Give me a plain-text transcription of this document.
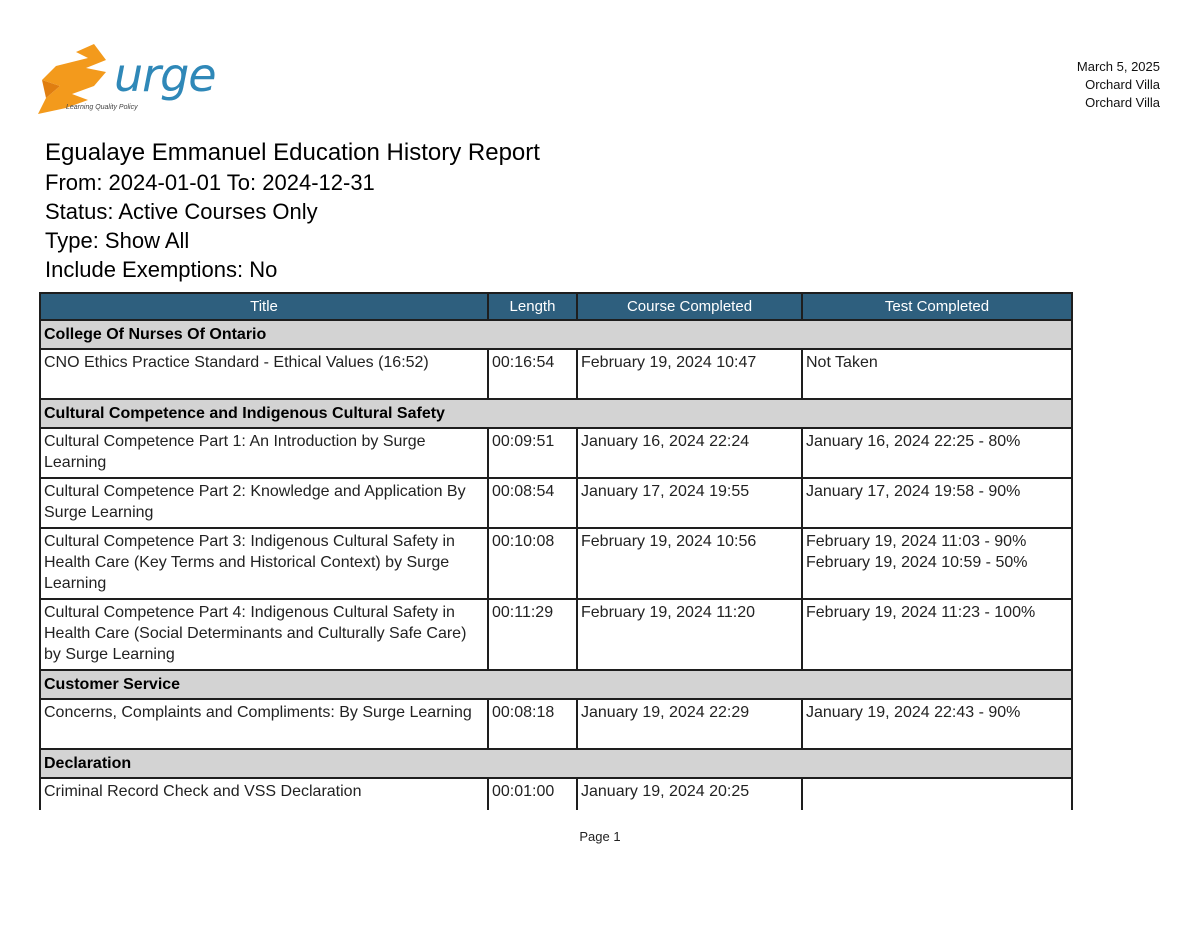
urge
Learning Quality Policy
March 5, 2025
Orchard Villa
Orchard Villa
Egualaye Emmanuel Education History Report
From: 2024-01-01 To: 2024-12-31
Status: Active Courses Only
Type: Show All
Include Exemptions: No
Title	Length	Course Completed	Test Completed
College Of Nurses Of Ontario			
CNO Ethics Practice Standard - Ethical Values (16:52)	00:16:54	February 19, 2024 10:47	Not Taken
Cultural Competence and Indigenous Cultural Safety			
Cultural Competence Part 1: An Introduction by Surge Learning	00:09:51	January 16, 2024 22:24	January 16, 2024 22:25 - 80%
Cultural Competence Part 2: Knowledge and Application By Surge Learning	00:08:54	January 17, 2024 19:55	January 17, 2024 19:58 - 90%
Cultural Competence Part 3: Indigenous Cultural Safety in Health Care (Key Terms and Historical Context) by Surge Learning	00:10:08	February 19, 2024 10:56	February 19, 2024 11:03 - 90%
February 19, 2024 10:59 - 50%

Cultural Competence Part 4: Indigenous Cultural Safety in Health Care (Social Determinants and Culturally Safe Care) by Surge Learning	00:11:29	February 19, 2024 11:20	February 19, 2024 11:23 - 100%
Customer Service			
Concerns, Complaints and Compliments: By Surge Learning	00:08:18	January 19, 2024 22:29	January 19, 2024 22:43 - 90%
Declaration			
Criminal Record Check and VSS Declaration	00:01:00	January 19, 2024 20:25	
Page 1
